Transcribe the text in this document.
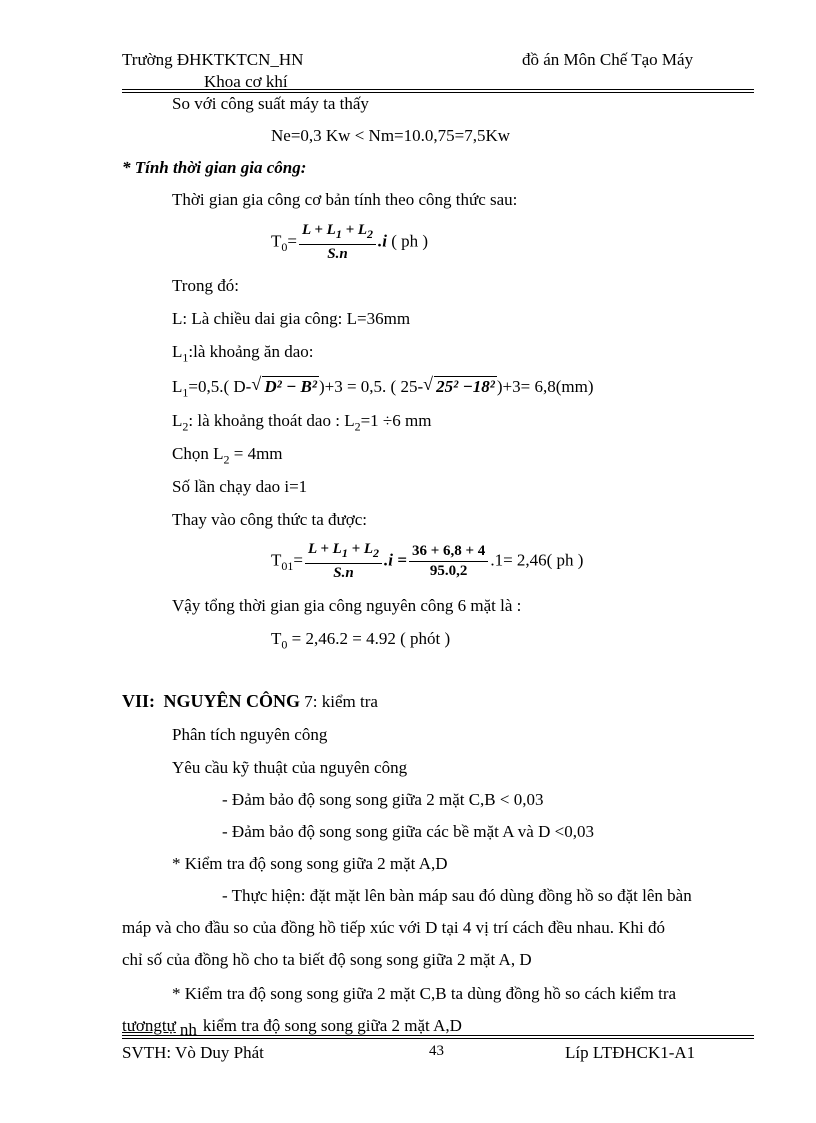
Trường ĐHKTKTCN_HN
Khoa cơ khí
đồ án Môn Chế Tạo Máy
So với công suất máy ta thấy
Ne=0,3 Kw < Nm=10.0,75=7,5Kw
* Tính thời gian gia công:
Thời gian gia công cơ bản tính theo công thức sau:
$T_0= \frac{L + L_1 + L_2}{S.n} .i$ ( ph )
Trong đó:
L: Là chiều dai gia công: L=36mm
$L_1:là$ khoảng ăn dao:
$L_1=0,5$.( D- √ D² − B² )+3 = 0,5. ( 25- √ 25² −18² )+3= 6,8(mm)
$L_2$: là khoảng thoát dao : $L_2=1 \div 6$ mm
Chọn $L_2 = 4mm$
Số lần chạy dao i=1
Thay vào công thức ta được:
$T_{01}= \frac{L + L_1 + L_2}{S.n} .i = \frac{36 + 6,8 + 4}{95.0,2} .1= 2,46$( ph )
Vậy tổng thời gian gia công nguyên công 6 mặt là :
$T_0 = 2,46.2 = 4.92$ ( phót )
VII: NGUYÊN CÔNG 7: kiểm tra
Phân tích nguyên công
Yêu cầu kỹ thuật của nguyên công
- Đảm bảo độ song song giữa 2 mặt C,B < 0,03
- Đảm bảo độ song song giữa các bề mặt A và D <0,03
* Kiểm tra độ song song giữa 2 mặt A,D
- Thực hiện: đặt mặt lên bàn máp sau đó dùng đồng hồ so đặt lên bàn
máp và cho đầu so của đồng hồ tiếp xúc với D tại 4 vị trí cách đều nhau. Khi đó
chỉ số của đồng hồ cho ta biết độ song song giữa 2 mặt A, D
* Kiểm tra độ song song giữa 2 mặt C,B ta dùng đồng hồ so cách kiểm tra
tươngtự nh kiểm tra độ song song giữa 2 mặt A,D
SVTH: Vò Duy Phát	43	Líp LTĐHCK1-A1
